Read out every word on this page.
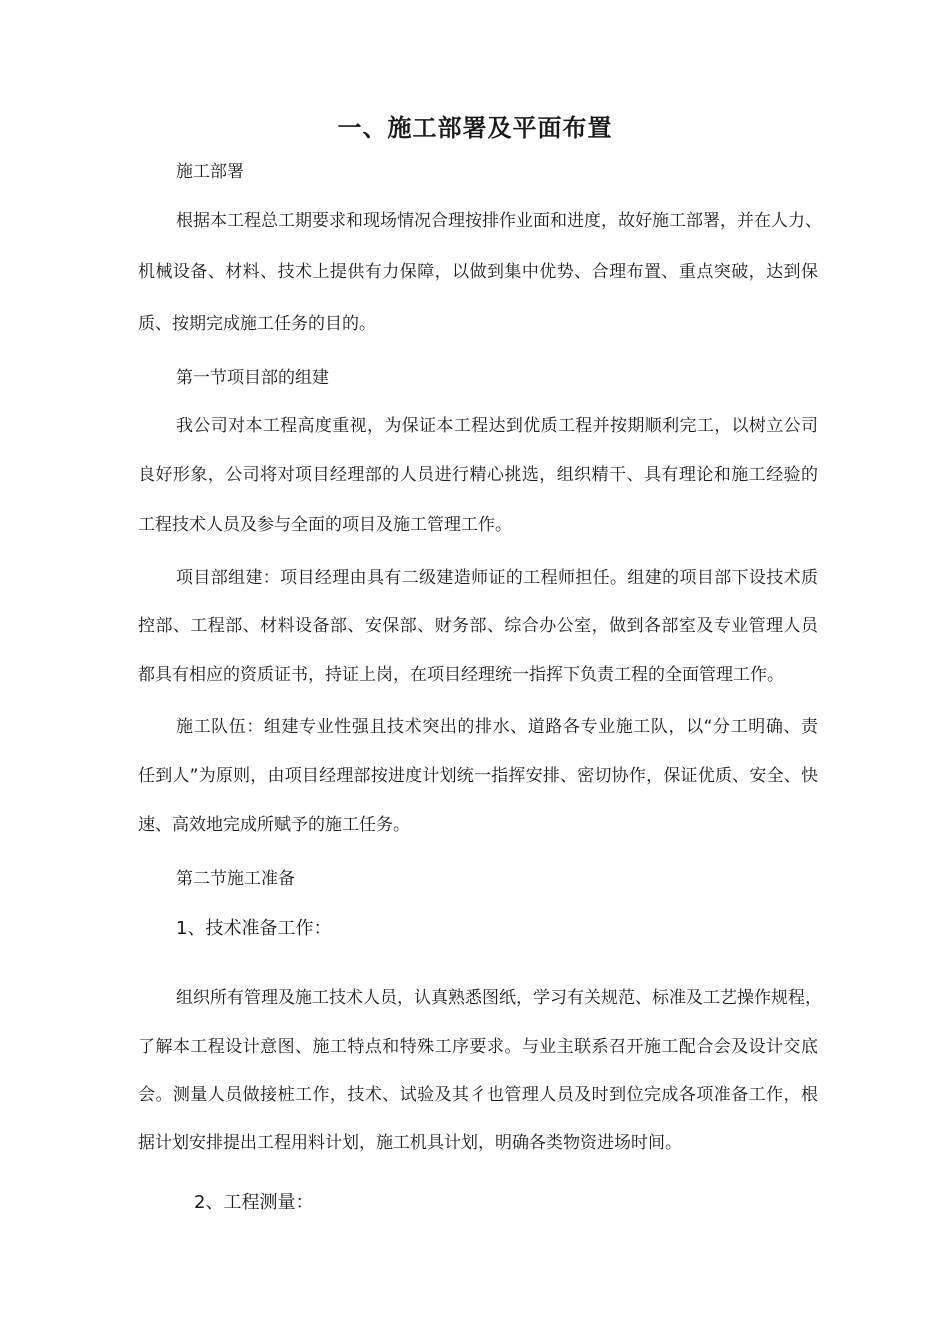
一、施工部署及平面布置
施工部署
根据本工程总工期要求和现场情况合理按排作业面和进度，故好施工部署，并在人力、
机械设备、材料、技术上提供有力保障，以做到集中优势、合理布置、重点突破，达到保
质、按期完成施工任务的目的。
第一节项目部的组建
我公司对本工程高度重视，为保证本工程达到优质工程并按期顺利完工，以树立公司
良好形象，公司将对项目经理部的人员进行精心挑选，组织精干、具有理论和施工经验的
工程技术人员及参与全面的项目及施工管理工作。
项目部组建：项目经理由具有二级建造师证的工程师担任。组建的项目部下设技术质
控部、工程部、材料设备部、安保部、财务部、综合办公室，做到各部室及专业管理人员
都具有相应的资质证书，持证上岗，在项目经理统一指挥下负责工程的全面管理工作。
施工队伍：组建专业性强且技术突出的排水、道路各专业施工队，以“分工明确、责
任到人”为原则，由项目经理部按进度计划统一指挥安排、密切协作，保证优质、安全、快
速、高效地完成所赋予的施工任务。
第二节施工准备
1、技术准备工作：
组织所有管理及施工技术人员，认真熟悉图纸，学习有关规范、标准及工艺操作规程，
了解本工程设计意图、施工特点和特殊工序要求。与业主联系召开施工配合会及设计交底
会。测量人员做接桩工作，技术、试验及其彳也管理人员及时到位完成各项准备工作，根
据计划安排提出工程用料计划，施工机具计划，明确各类物资进场时间。
2、工程测量：
